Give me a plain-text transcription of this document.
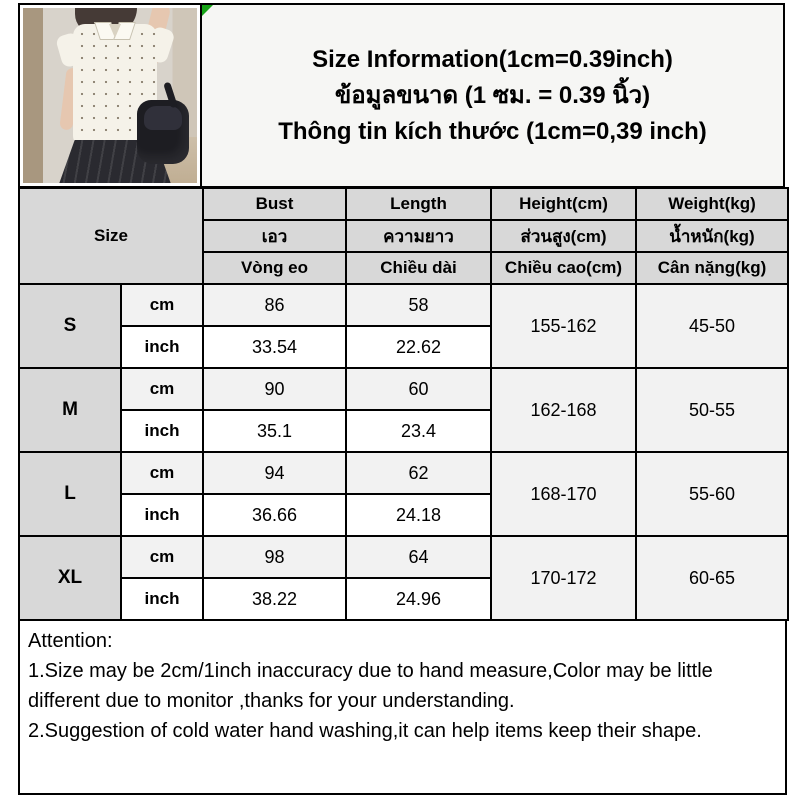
Size Information(1cm=0.39inch)
ข้อมูลขนาด (1 ซม. = 0.39 นิ้ว)
Thông tin kích thước (1cm=0,39 inch)
Size		Bust	Length	Height(cm)	Weight(kg)
		เอว	ความยาว	ส่วนสูง(cm)	น้ำหนัก(kg)
		Vòng eo	Chiều dài	Chiều cao(cm)	Cân nặng(kg)
S	cm	86	58	155-162	45-50
	inch	33.54	22.62		
M	cm	90	60	162-168	50-55
	inch	35.1	23.4		
L	cm	94	62	168-170	55-60
	inch	36.66	24.18		
XL	cm	98	64	170-172	60-65
	inch	38.22	24.96		
Attention:
1.Size may be 2cm/1inch inaccuracy due to hand measure,Color may be little different due to monitor ,thanks for your understanding.
2.Suggestion of cold water hand washing,it can help items keep their shape.
